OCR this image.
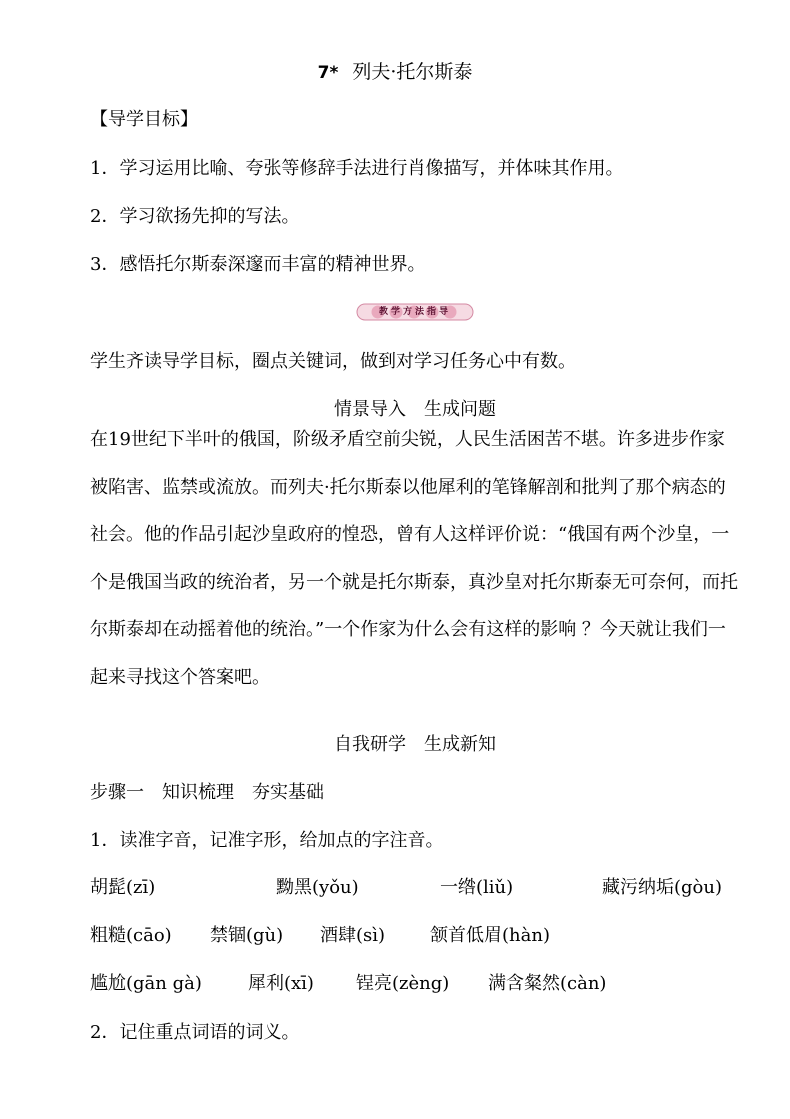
7* 列夫·托尔斯泰
【导学目标】
1．学习运用比喻、夸张等修辞手法进行肖像描写，并体味其作用。
2．学习欲扬先抑的写法。
3．感悟托尔斯泰深邃而丰富的精神世界。
教学方法指导
学生齐读导学目标，圈点关键词，做到对学习任务心中有数。
情景导入　生成问题
在19世纪下半叶的俄国，阶级矛盾空前尖锐，人民生活困苦不堪。许多进步作家被陷害、监禁或流放。而列夫·托尔斯泰以他犀利的笔锋解剖和批判了那个病态的社会。他的作品引起沙皇政府的惶恐，曾有人这样评价说：“俄国有两个沙皇，一个是俄国当政的统治者，另一个就是托尔斯泰，真沙皇对托尔斯泰无可奈何，而托尔斯泰却在动摇着他的统治。”一个作家为什么会有这样的影响 ？今天就让我们一起来寻找这个答案吧。
自我研学　生成新知
步骤一　知识梳理　夯实基础
1．读准字音，记准字形，给加点的字注音。
胡髭(zī)	黝黑(yǒu)	一绺(liǔ)	藏污纳垢(gòu)
粗糙(cāo) 禁锢(gù) 酒肆(sì) 颔首低眉(hàn)
尴尬(gān gà)	犀利(xī) 锃亮(zèng) 满含粲然(càn)
2．记住重点词语的词义。
